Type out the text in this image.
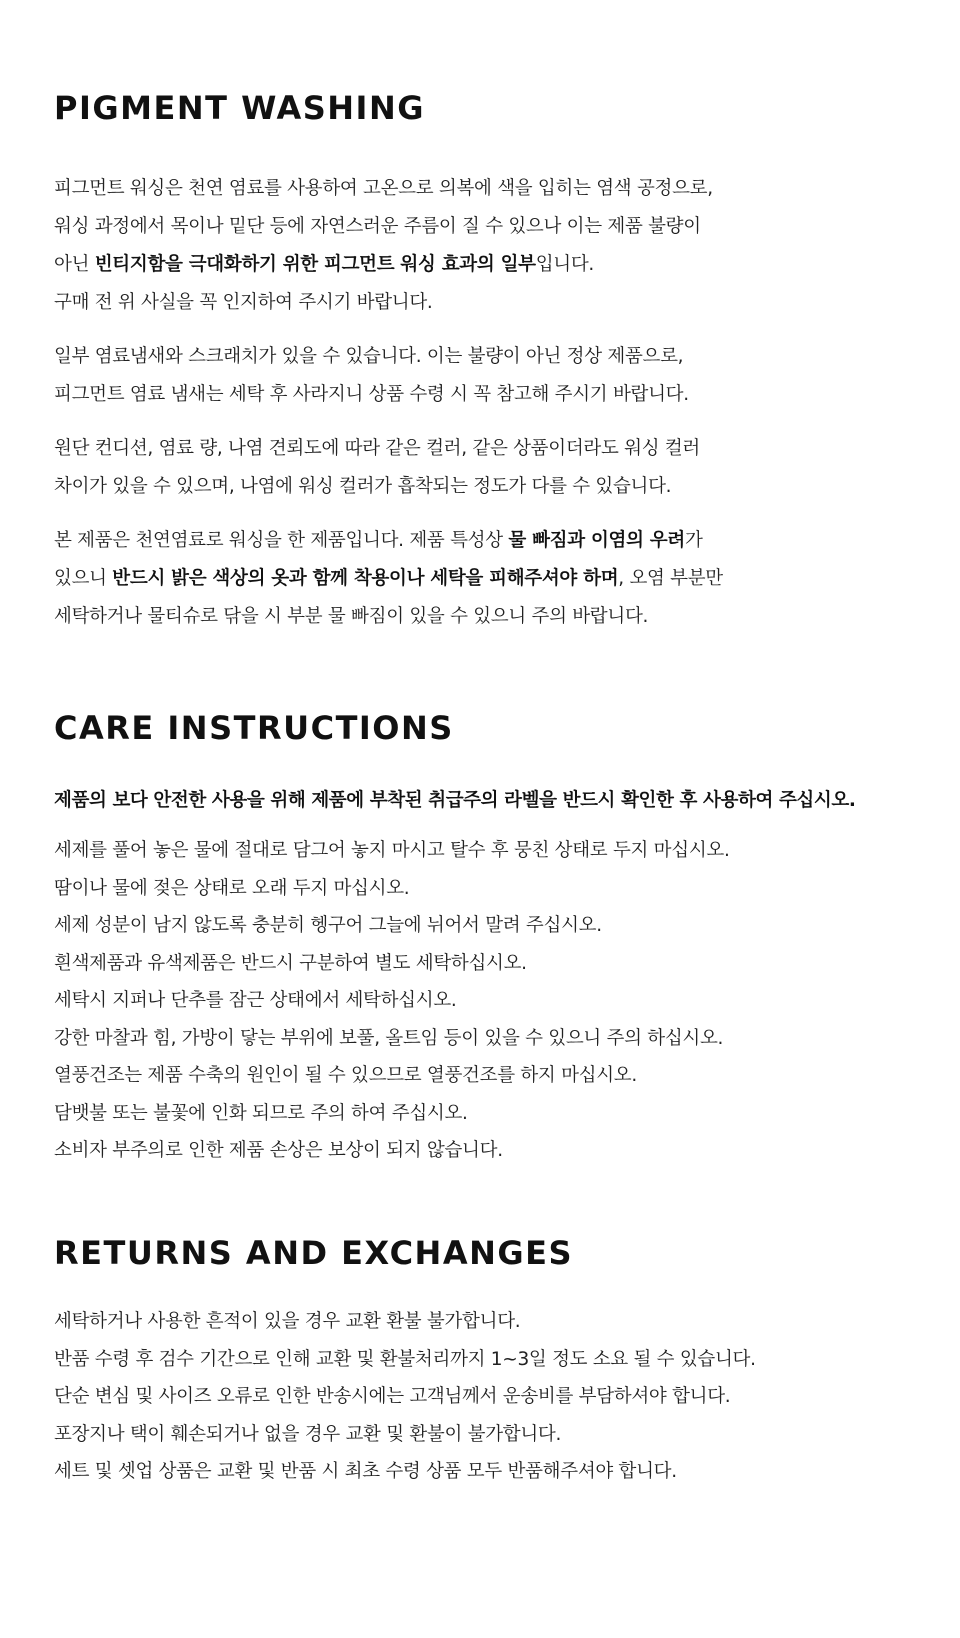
PIGMENT WASHING

피그먼트 워싱은 천연 염료를 사용하여 고온으로 의복에 색을 입히는 염색 공정으로,
워싱 과정에서 목이나 밑단 등에 자연스러운 주름이 질 수 있으나 이는 제품 불량이
아닌 빈티지함을 극대화하기 위한 피그먼트 워싱 효과의 일부입니다.
구매 전 위 사실을 꼭 인지하여 주시기 바랍니다.

일부 염료냄새와 스크래치가 있을 수 있습니다. 이는 불량이 아닌 정상 제품으로,
피그먼트 염료 냄새는 세탁 후 사라지니 상품 수령 시 꼭 참고해 주시기 바랍니다.

원단 컨디션, 염료 량, 나염 견뢰도에 따라 같은 컬러, 같은 상품이더라도 워싱 컬러
차이가 있을 수 있으며, 나염에 워싱 컬러가 흡착되는 정도가 다를 수 있습니다.

본 제품은 천연염료로 워싱을 한 제품입니다. 제품 특성상 물 빠짐과 이염의 우려가
있으니 반드시 밝은 색상의 옷과 함께 착용이나 세탁을 피해주셔야 하며, 오염 부분만
세탁하거나 물티슈로 닦을 시 부분 물 빠짐이 있을 수 있으니 주의 바랍니다.

CARE INSTRUCTIONS

제품의 보다 안전한 사용을 위해 제품에 부착된 취급주의 라벨을 반드시 확인한 후 사용하여 주십시오.

세제를 풀어 놓은 물에 절대로 담그어 놓지 마시고 탈수 후 뭉친 상태로 두지 마십시오.
땀이나 물에 젖은 상태로 오래 두지 마십시오.
세제 성분이 남지 않도록 충분히 헹구어 그늘에 뉘어서 말려 주십시오.
흰색제품과 유색제품은 반드시 구분하여 별도 세탁하십시오.
세탁시 지퍼나 단추를 잠근 상태에서 세탁하십시오.
강한 마찰과 힘, 가방이 닿는 부위에 보풀, 올트임 등이 있을 수 있으니 주의 하십시오.
열풍건조는 제품 수축의 원인이 될 수 있으므로 열풍건조를 하지 마십시오.
담뱃불 또는 불꽃에 인화 되므로 주의 하여 주십시오.
소비자 부주의로 인한 제품 손상은 보상이 되지 않습니다.
RETURNS AND EXCHANGES
세탁하거나 사용한 흔적이 있을 경우 교환 환불 불가합니다.
반품 수령 후 검수 기간으로 인해 교환 및 환불처리까지 1~3일 정도 소요 될 수 있습니다.
단순 변심 및 사이즈 오류로 인한 반송시에는 고객님께서 운송비를 부담하셔야 합니다.
포장지나 택이 훼손되거나 없을 경우 교환 및 환불이 불가합니다.
세트 및 셋업 상품은 교환 및 반품 시 최초 수령 상품 모두 반품해주셔야 합니다.
